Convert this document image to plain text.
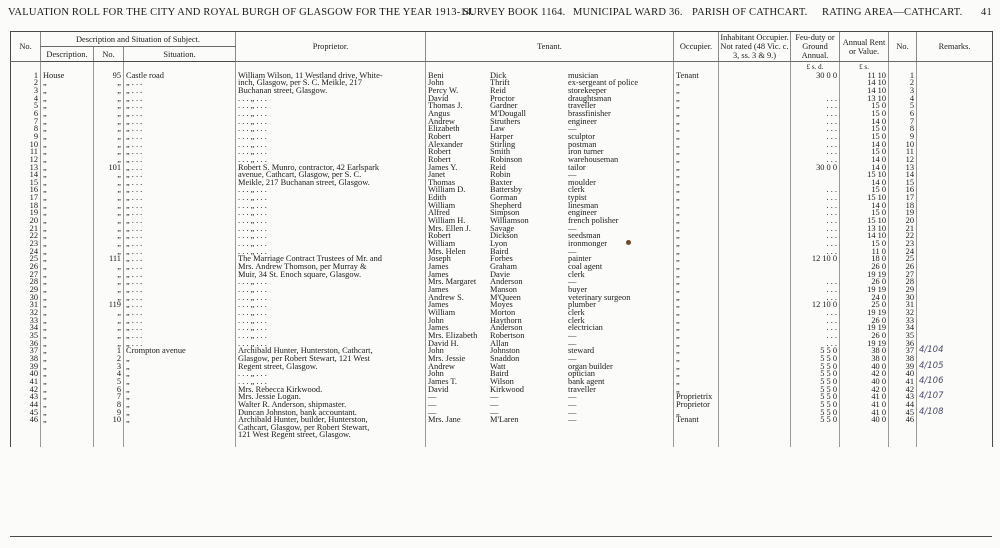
VALUATION ROLL FOR THE CITY AND ROYAL BURGH OF GLASGOW FOR THE YEAR 1913-14.
SURVEY BOOK 1164. MUNICIPAL WARD 36. PARISH OF CATHCART. RATING AREA—CATHCART. 41
No.	Description and Situation of Subject.			Proprietor.	Tenant.	Occupier.	Inhabitant Occupier. Not rated (48 Vic. c. 3, ss. 3 & 9.)	Feu-duty or Ground Annual.	Annual Rent or Value.	No.	Remarks.
	Description.	No.	Situation.								
								£ s. d.	£ s.		
1	House	95	Castle road	William Wilson, 11 Westland drive, White-	Beni Dick musician	Tenant		30 0 0	11 10	1	
2	„	„	„ . . .	inch, Glasgow, per S. C. Meikle, 217	John Thrift ex-sergeant of police	„			14 10	2	
3	„	„	„ . . .	Buchanan street, Glasgow.	Percy W. Reid storekeeper	„			14 10	3	
4	„	„	„ . . .	. . . „ . . .	David Proctor draughtsman	„		. . .	13 10	4	
5	„	„	„ . . .	. . . „ . . .	Thomas J. Gardner traveller	„		. . .	15 0	5	
6	„	„	„ . . .	. . . „ . . .	Angus M'Dougall brassfinisher	„		. . .	15 0	6	
7	„	„	„ . . .	. . . „ . . .	Andrew Struthers engineer	„		. . .	14 0	7	
8	„	„	„ . . .	. . . „ . . .	Elizabeth Law —	„		. . .	15 0	8	
9	„	„	„ . . .	. . . „ . . .	Robert Harper sculptor	„		. . .	15 0	9	
10	„	„	„ . . .	. . . „ . . .	Alexander Stirling postman	„		. . .	14 0	10	
11	„	„	„ . . .	. . . „ . . .	Robert Smith iron turner	„		. . .	15 0	11	
12	„	„	„ . . .	. . . „ . . .	Robert Robinson warehouseman	„		. . .	14 0	12	
13	„	101	„ . . .	Robert S. Munro, contractor, 42 Earlspark	James Y. Reid tailor	„		30 0 0	14 0	13	
14	„	„	„ . . .	avenue, Cathcart, Glasgow, per S. C.	Janet Robin —	„			15 10	14	
15	„	„	„ . . .	Meikle, 217 Buchanan street, Glasgow.	Thomas Baxter moulder	„			14 0	15	
16	„	„	„ . . .	. . . „ . . .	William D. Battersby clerk	„		. . .	15 0	16	
17	„	„	„ . . .	. . . „ . . .	Edith Gorman typist	„		. . .	15 10	17	
18	„	„	„ . . .	. . . „ . . .	William Shepherd linesman	„		. . .	14 0	18	
19	„	„	„ . . .	. . . „ . . .	Alfred Simpson engineer	„		. . .	15 0	19	
20	„	„	„ . . .	. . . „ . . .	William H. Williamson french polisher	„		. . .	15 10	20	
21	„	„	„ . . .	. . . „ . . .	Mrs. Ellen J. Savage —	„		. . .	13 10	21	
22	„	„	„ . . .	. . . „ . . .	Robert Dickson seedsman	„		. . .	14 10	22	
23	„	„	„ . . .	. . . „ . . .	William Lyon ironmonger	„		. . .	15 0	23	
24	„	„	„ . . .	. . . „ . . .	Mrs. Helen Baird —	„		. . .	11 0	24	
25	„	111	„ . . .	The Marriage Contract Trustees of Mr. and	Joseph Forbes painter	„		12 10 0	18 0	25	
26	„	„	„ . . .	Mrs. Andrew Thomson, per Murray &	James Graham coal agent	„			26 0	26	
27	„	„	„ . . .	Muir, 34 St. Enoch square, Glasgow.	James Davie clerk	„			19 19	27	
28	„	„	„ . . .	. . . „ . . .	Mrs. Margaret Anderson —	„		. . .	26 0	28	
29	„	„	„ . . .	. . . „ . . .	James Manson buyer	„		. . .	19 19	29	
30	„	„	„ . . .	. . . „ . . .	Andrew S. M'Queen veterinary surgeon	„		. . .	24 0	30	
31	„	119	„ . . .	. . . „ . . .	James Moyes plumber	„		12 10 0	25 0	31	
32	„	„	„ . . .	. . . „ . . .	William Morton clerk	„		. . .	19 19	32	
33	„	„	„ . . .	. . . „ . . .	John Haythorn clerk	„		. . .	26 0	33	
34	„	„	„ . . .	. . . „ . . .	James Anderson electrician	„		. . .	19 19	34	
35	„	„	„ . . .	. . . „ . . .	Mrs. Elizabeth Robertson —	„		. . .	26 0	35	
36	„	„	„ . . .	. . . „ . . .	David H. Allan —	„		. . .	19 19	36	
37	„	1	Crompton avenue	Archibald Hunter, Hunterston, Cathcart,	John Johnston steward	„		5 5 0	38 0	37	4/104
38	„	2	„	Glasgow, per Robert Stewart, 121 West	Mrs. Jessie Snaddon —	„		5 5 0	38 0	38	
39	„	3	„	Regent street, Glasgow.	Andrew Watt organ builder	„		5 5 0	40 0	39	4/105
40	„	4	„	. . . „ . . .	John Baird optician	„		5 5 0	42 0	40	
41	„	5	„	. . . „ . . .	James T. Wilson bank agent	„		5 5 0	40 0	41	4/106
42	„	6	„	Mrs. Rebecca Kirkwood.	David Kirkwood traveller	„		5 5 0	42 0	42	
43	„	7	„	Mrs. Jessie Logan.	— — —	Proprietrix		5 5 0	41 0	43	4/107
44	„	8	„	Walter R. Anderson, shipmaster.	— — —	Proprietor		5 5 0	41 0	44	
45	„	9	„	Duncan Johnston, bank accountant.	— — —	„		5 5 0	41 0	45	4/108
46	„	10	„	Archibald Hunter, builder, Hunterston,	Mrs. Jane M'Laren —	Tenant		5 5 0	40 0	46	
				Cathcart, Glasgow, per Robert Stewart,							
				121 West Regent street, Glasgow.							
